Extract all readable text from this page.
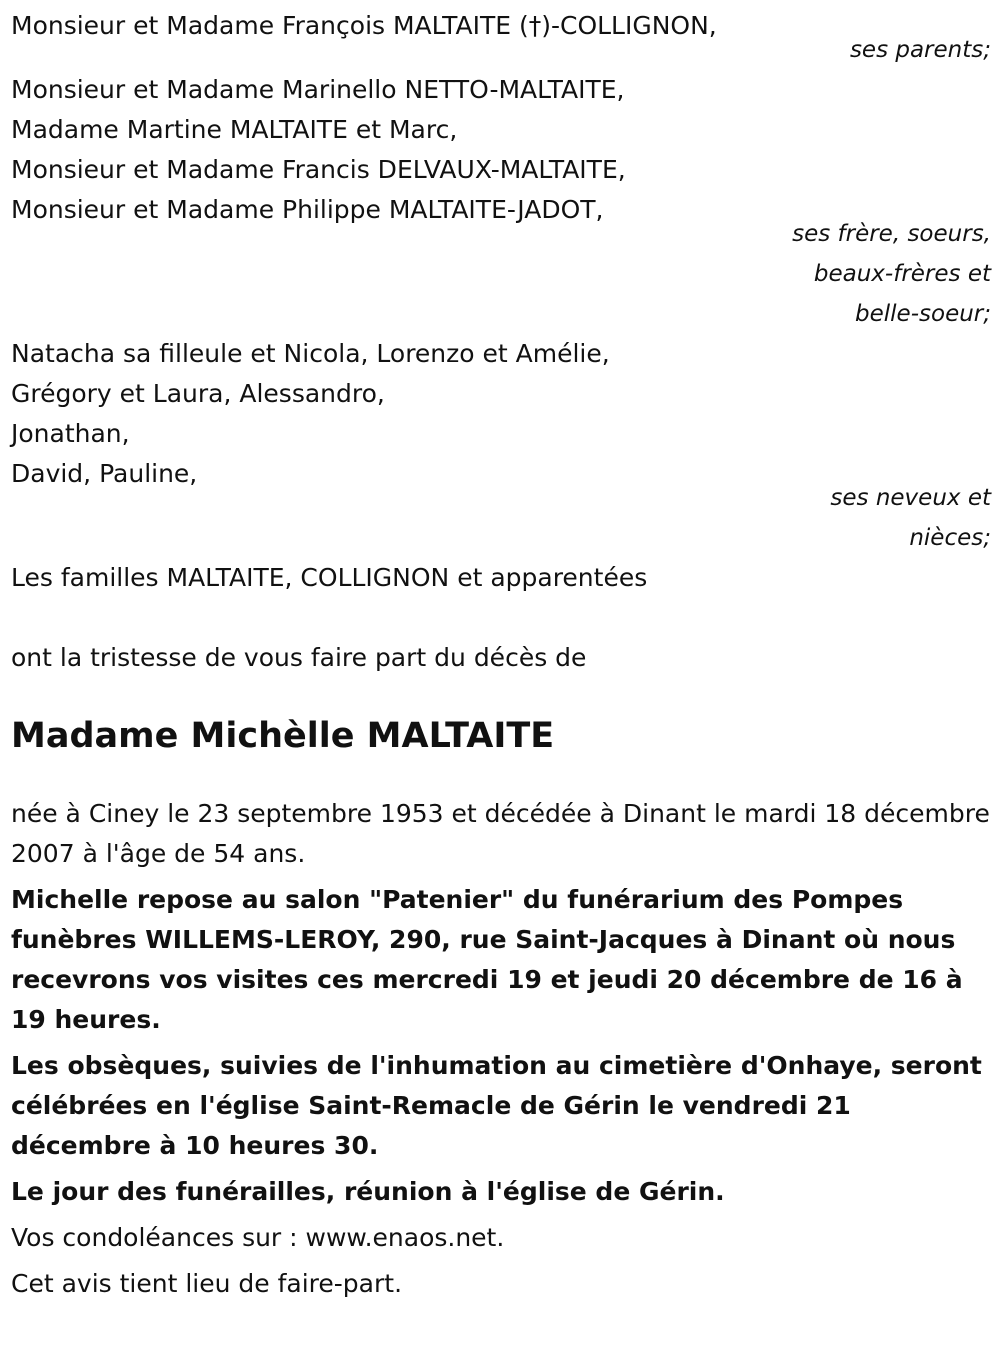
Monsieur et Madame François MALTAITE (†)-COLLIGNON,
ses parents;
Monsieur et Madame Marinello NETTO-MALTAITE,
Madame Martine MALTAITE et Marc,
Monsieur et Madame Francis DELVAUX-MALTAITE,
Monsieur et Madame Philippe MALTAITE-JADOT,
ses frère, soeurs,
beaux-frères et
belle-soeur;
Natacha sa filleule et Nicola, Lorenzo et Amélie,
Grégory et Laura, Alessandro,
Jonathan,
David, Pauline,
ses neveux et
nièces;
Les familles MALTAITE, COLLIGNON et apparentées
ont la tristesse de vous faire part du décès de
Madame Michèlle MALTAITE
née à Ciney le 23 septembre 1953 et décédée à Dinant le mardi 18 décembre 2007 à l'âge de 54 ans.
Michelle repose au salon "Patenier" du funérarium des Pompes funèbres WILLEMS-LEROY, 290, rue Saint-Jacques à Dinant où nous recevrons vos visites ces mercredi 19 et jeudi 20 décembre de 16 à 19 heures.
Les obsèques, suivies de l'inhumation au cimetière d'Onhaye, seront célébrées en l'église Saint-Remacle de Gérin le vendredi 21 décembre à 10 heures 30.
Le jour des funérailles, réunion à l'église de Gérin.
Vos condoléances sur : www.enaos.net.
Cet avis tient lieu de faire-part.
